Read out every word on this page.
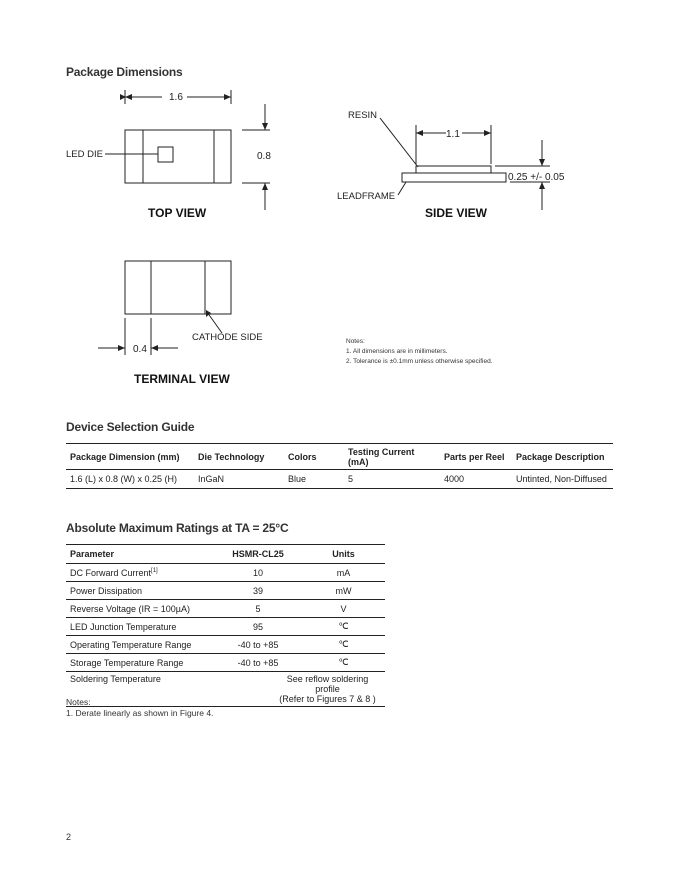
Package Dimensions
1.6
0.8
LED DIE
TOP VIEW
RESIN
1.1
0.25 +/- 0.05
LEADFRAME
SIDE VIEW
0.4
CATHODE SIDE
TERMINAL VIEW
Notes:
1. All dimensions are in millimeters.
2. Tolerance is ±0.1mm unless otherwise specified.
Device Selection Guide
Package Dimension (mm)	Die Technology	Colors	Testing Current (mA)	Parts per Reel	Package Description
1.6 (L) x 0.8 (W) x 0.25 (H)	InGaN	Blue	5	4000	Untinted, Non-Diffused
Absolute Maximum Ratings at TA = 25°C
Parameter	HSMR-CL25	Units
DC Forward Current[1]	10	mA
Power Dissipation	39	mW
Reverse Voltage (IR = 100µA)	5	V
LED Junction Temperature	95	℃
Operating Temperature Range	-40 to +85	℃
Storage Temperature Range	-40 to +85	℃
Soldering Temperature	See reflow soldering profile
(Refer to Figures 7 & 8 )	
Notes:
1. Derate linearly as shown in Figure 4.
2
